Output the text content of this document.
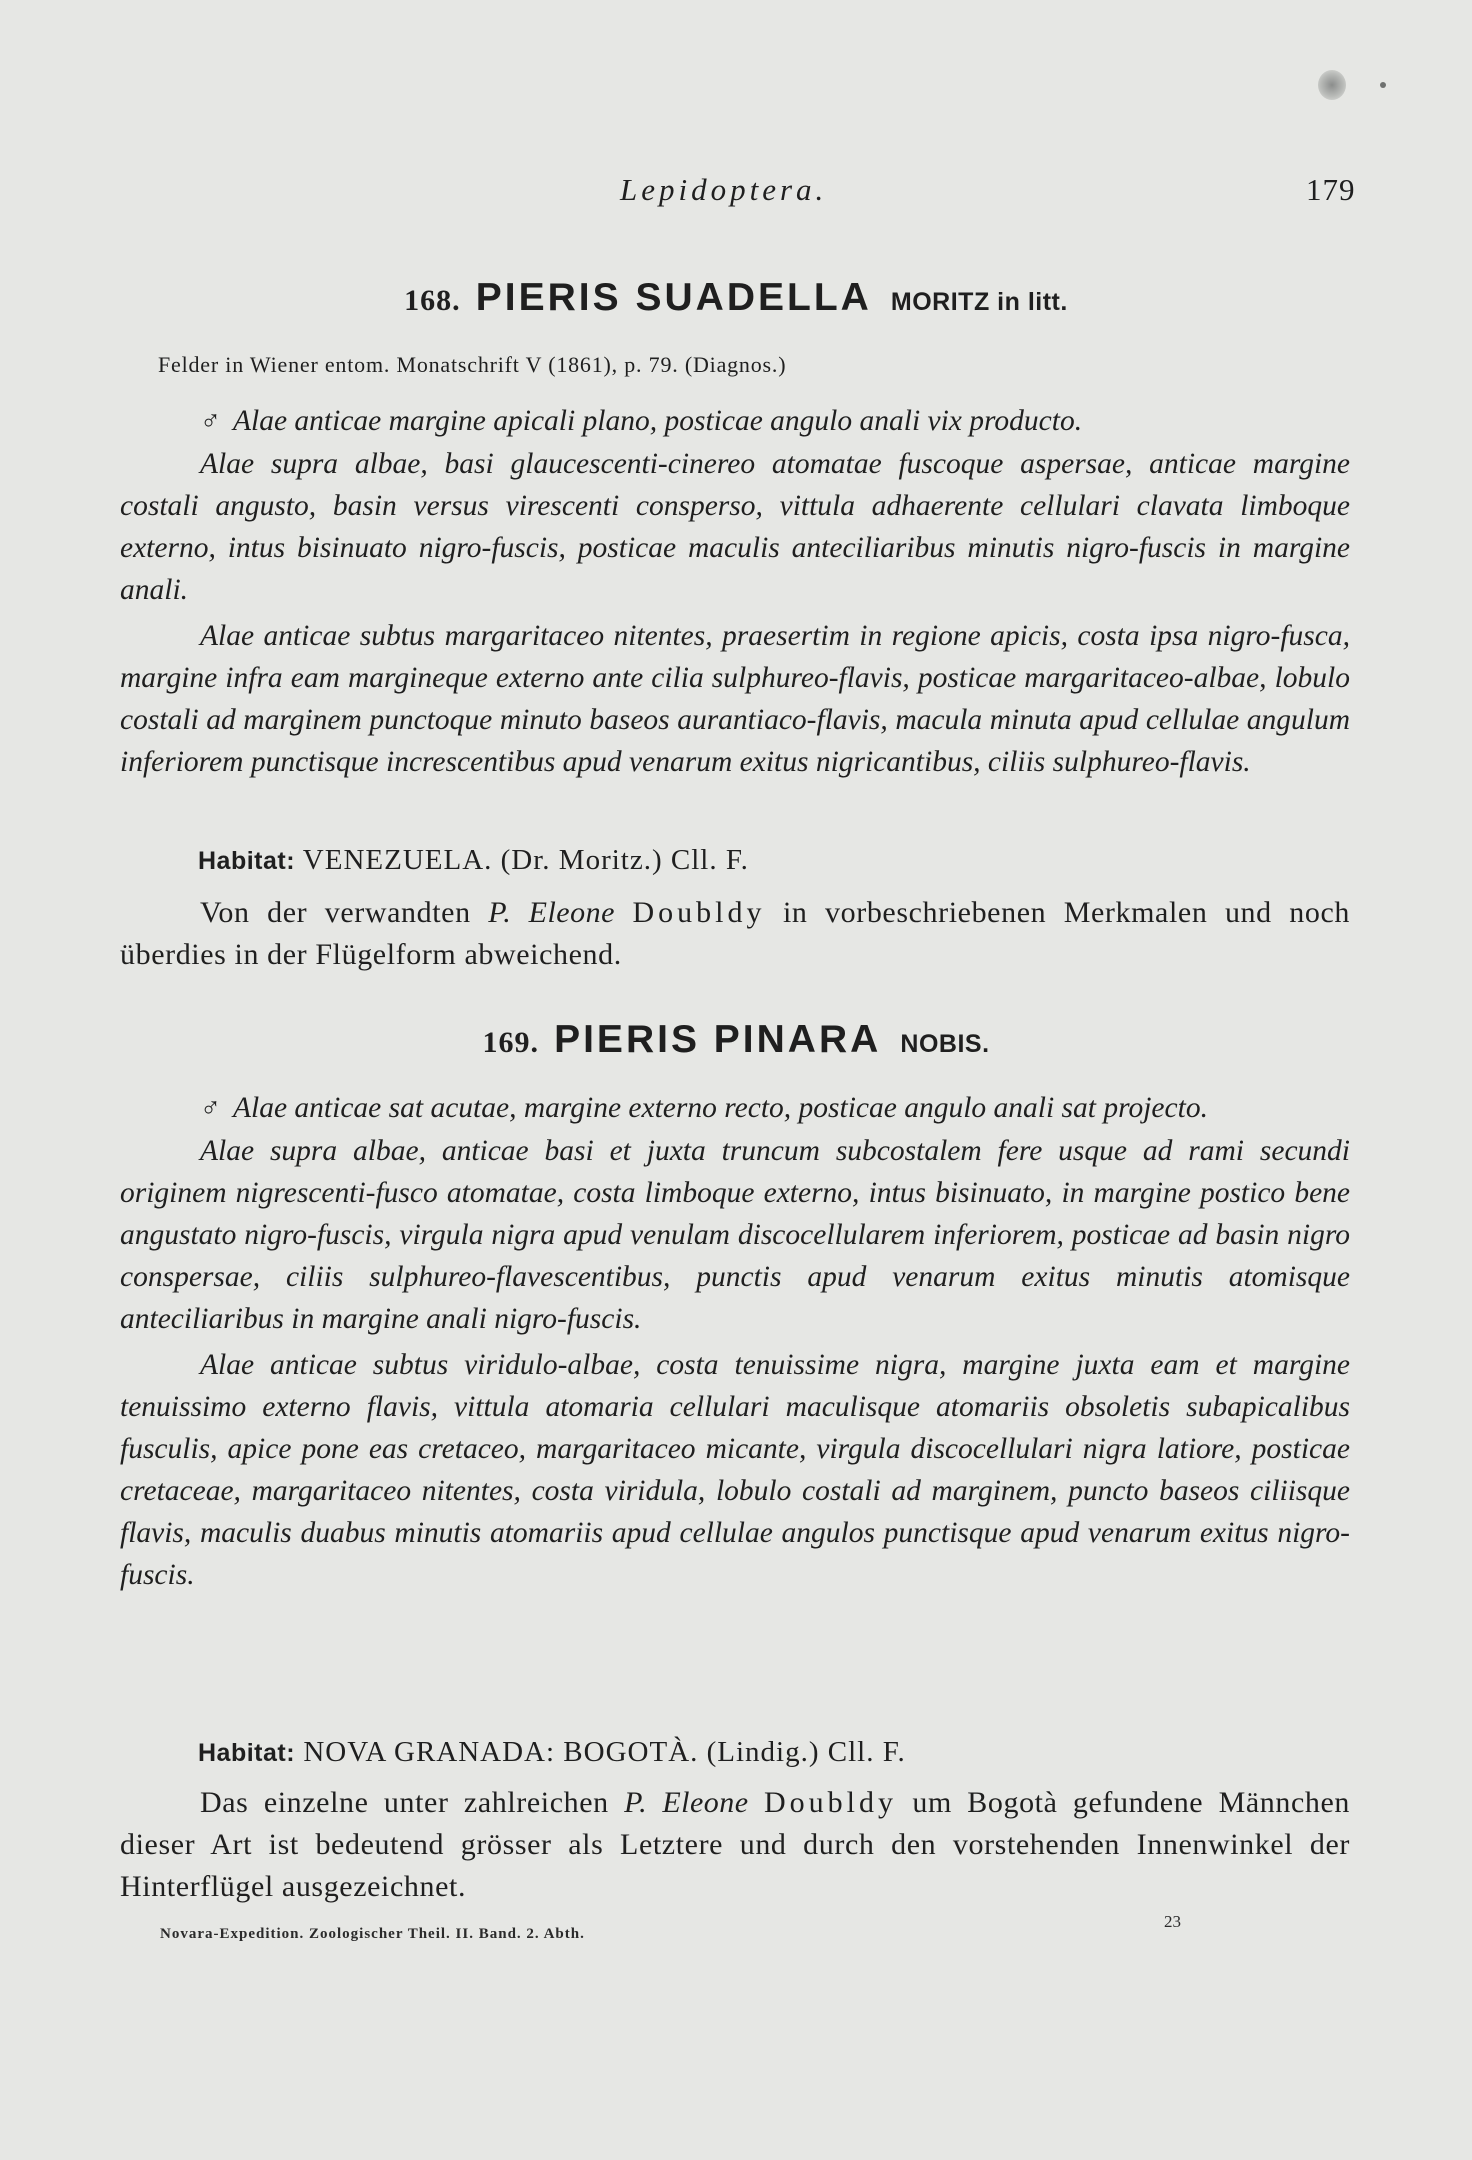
Lepidoptera.	179
168. PIERIS SUADELLA MORITZ in litt.
Felder in Wiener entom. Monatschrift V (1861), p. 79. (Diagnos.)

♂ Alae anticae margine apicali plano, posticae angulo anali vix producto.

Alae supra albae, basi glaucescenti-cinereo atomatae fuscoque aspersae, anticae margine costali angusto, basin versus virescenti consperso, vittula adhaerente cellulari clavata limboque externo, intus bisinuato nigro-fuscis, posticae maculis anteciliaribus minutis nigro-fuscis in margine anali.

Alae anticae subtus margaritaceo nitentes, praesertim in regione apicis, costa ipsa nigro-fusca, margine infra eam margineque externo ante cilia sulphureo-flavis, posticae margaritaceo-albae, lobulo costali ad marginem punctoque minuto baseos aurantiaco-flavis, macula minuta apud cellulae angulum inferiorem punctisque increscentibus apud venarum exitus nigricantibus, ciliis sulphureo-flavis.

Habitat: VENEZUELA. (Dr. Moritz.) Cll. F.

Von der verwandten P. Eleone Doubldy in vorbeschriebenen Merkmalen und noch überdies in der Flügelform abweichend.

169. PIERIS PINARA NOBIS.

♂ Alae anticae sat acutae, margine externo recto, posticae angulo anali sat projecto.

Alae supra albae, anticae basi et juxta truncum subcostalem fere usque ad rami secundi originem nigrescenti-fusco atomatae, costa limboque externo, intus bisinuato, in margine postico bene angustato nigro-fuscis, virgula nigra apud venulam discocellularem inferiorem, posticae ad basin nigro conspersae, ciliis sulphureo-flavescentibus, punctis apud venarum exitus minutis atomisque anteciliaribus in margine anali nigro-fuscis.

Alae anticae subtus viridulo-albae, costa tenuissime nigra, margine juxta eam et margine tenuissimo externo flavis, vittula atomaria cellulari maculisque atomariis obsoletis subapicalibus fusculis, apice pone eas cretaceo, margaritaceo micante, virgula discocellulari nigra latiore, posticae cretaceae, margaritaceo nitentes, costa viridula, lobulo costali ad marginem, puncto baseos ciliisque flavis, maculis duabus minutis atomariis apud cellulae angulos punctisque apud venarum exitus nigro-fuscis.

Habitat: NOVA GRANADA: BOGOTÀ. (Lindig.) Cll. F.

Das einzelne unter zahlreichen P. Eleone Doubldy um Bogotà gefundene Männchen dieser Art ist bedeutend grösser als Letztere und durch den vorstehenden Innenwinkel der Hinterflügel ausgezeichnet.

Novara-Expedition. Zoologischer Theil. II. Band. 2. Abth.
23
